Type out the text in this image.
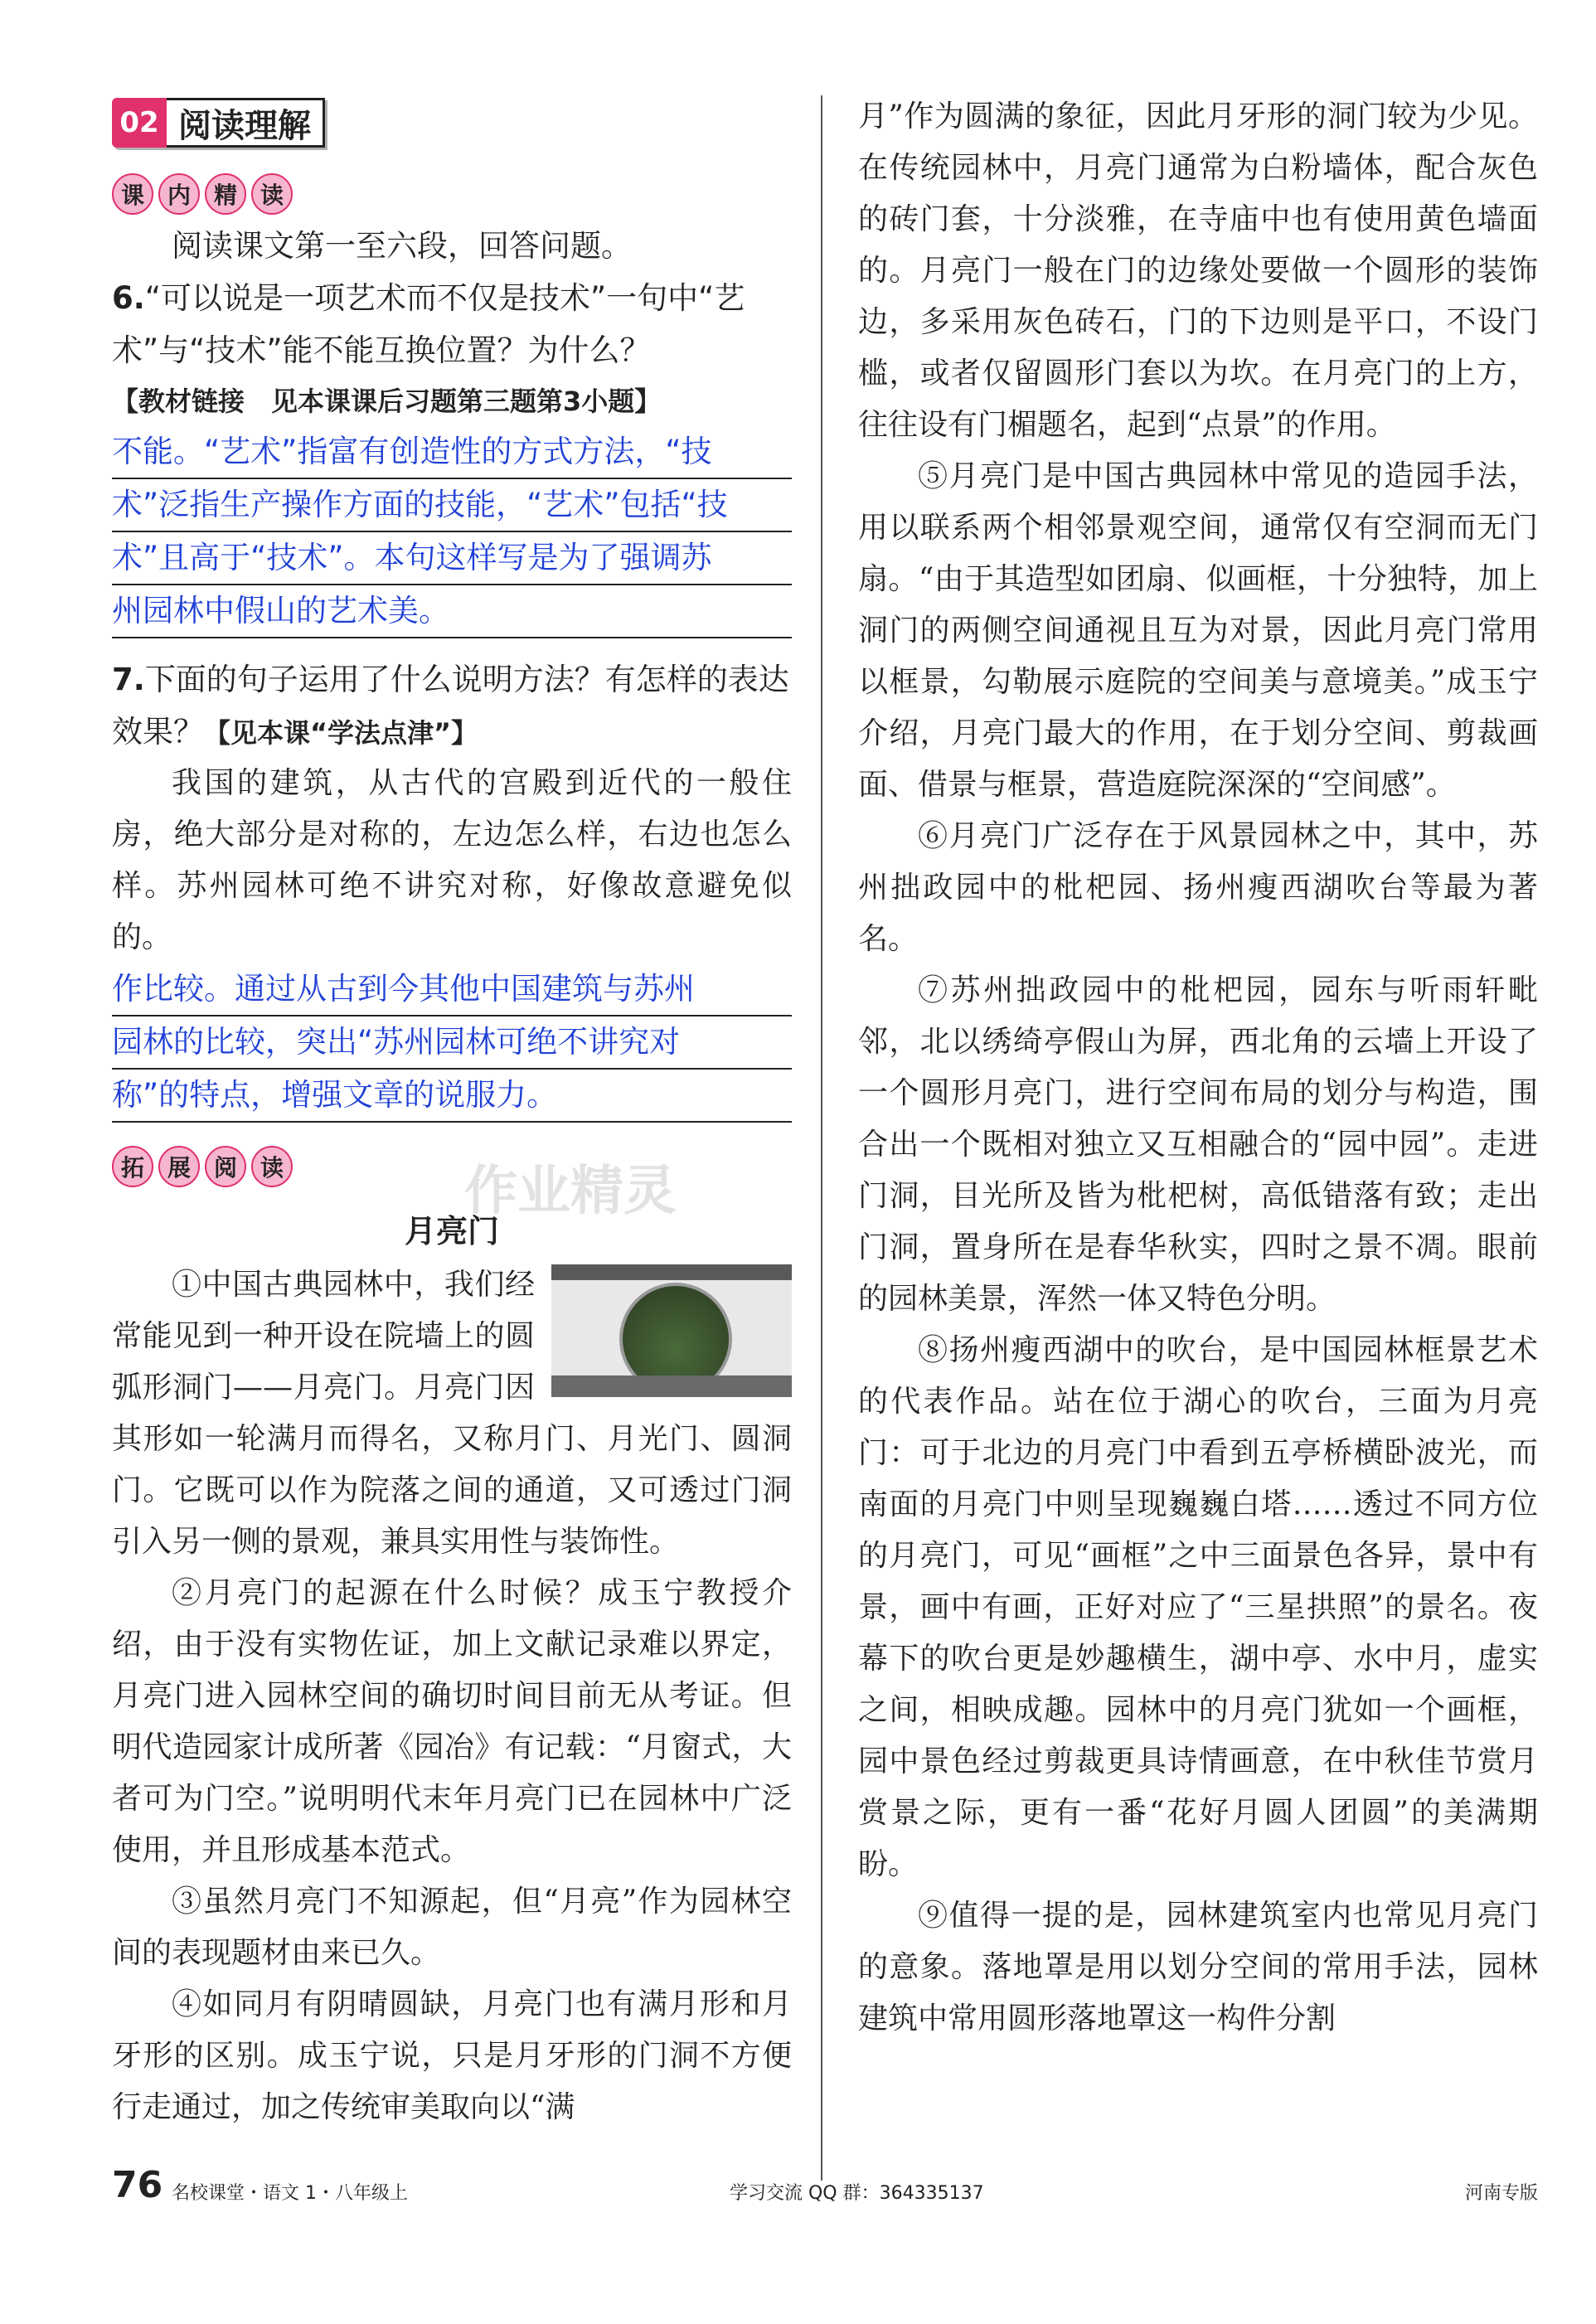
02 阅读理解
课 内 精 读

阅读课文第一至六段，回答问题。

6.“可以说是一项艺术而不仅是技术”一句中“艺术”与“技术”能不能互换位置？为什么？

【教材链接　见本课课后习题第三题第3小题】

不能。“艺术”指富有创造性的方式方法，“技
术”泛指生产操作方面的技能，“艺术”包括“技
术”且高于“技术”。本句这样写是为了强调苏
州园林中假山的艺术美。

7.下面的句子运用了什么说明方法？有怎样的表达效果？【见本课“学法点津”】

我国的建筑，从古代的宫殿到近代的一般住房，绝大部分是对称的，左边怎么样，右边也怎么样。苏州园林可绝不讲究对称，好像故意避免似的。

作比较。通过从古到今其他中国建筑与苏州
园林的比较，突出“苏州园林可绝不讲究对
称”的特点，增强文章的说服力。
拓 展 阅 读
月亮门

①中国古典园林中，我们经常能见到一种开设在院墙上的圆弧形洞门——月亮门。月亮门因其形如一轮满月而得名，又称月门、月光门、圆洞门。它既可以作为院落之间的通道，又可透过门洞引入另一侧的景观，兼具实用性与装饰性。

②月亮门的起源在什么时候？成玉宁教授介绍，由于没有实物佐证，加上文献记录难以界定，月亮门进入园林空间的确切时间目前无从考证。但明代造园家计成所著《园冶》有记载：“月窗式，大者可为门空。”说明明代末年月亮门已在园林中广泛使用，并且形成基本范式。

③虽然月亮门不知源起，但“月亮”作为园林空间的表现题材由来已久。

④如同月有阴晴圆缺，月亮门也有满月形和月牙形的区别。成玉宁说，只是月牙形的门洞不方便行走通过，加之传统审美取向以“满

月”作为圆满的象征，因此月牙形的洞门较为少见。在传统园林中，月亮门通常为白粉墙体，配合灰色的砖门套，十分淡雅，在寺庙中也有使用黄色墙面的。月亮门一般在门的边缘处要做一个圆形的装饰边，多采用灰色砖石，门的下边则是平口，不设门槛，或者仅留圆形门套以为坎。在月亮门的上方，往往设有门楣题名，起到“点景”的作用。

⑤月亮门是中国古典园林中常见的造园手法，用以联系两个相邻景观空间，通常仅有空洞而无门扇。“由于其造型如团扇、似画框，十分独特，加上洞门的两侧空间通视且互为对景，因此月亮门常用以框景，勾勒展示庭院的空间美与意境美。”成玉宁介绍，月亮门最大的作用，在于划分空间、剪裁画面、借景与框景，营造庭院深深的“空间感”。

⑥月亮门广泛存在于风景园林之中，其中，苏州拙政园中的枇杷园、扬州瘦西湖吹台等最为著名。

⑦苏州拙政园中的枇杷园，园东与听雨轩毗邻，北以绣绮亭假山为屏，西北角的云墙上开设了一个圆形月亮门，进行空间布局的划分与构造，围合出一个既相对独立又互相融合的“园中园”。走进门洞，目光所及皆为枇杷树，高低错落有致；走出门洞，置身所在是春华秋实，四时之景不凋。眼前的园林美景，浑然一体又特色分明。

⑧扬州瘦西湖中的吹台，是中国园林框景艺术的代表作品。站在位于湖心的吹台，三面为月亮门：可于北边的月亮门中看到五亭桥横卧波光，而南面的月亮门中则呈现巍巍白塔……透过不同方位的月亮门，可见“画框”之中三面景色各异，景中有景，画中有画，正好对应了“三星拱照”的景名。夜幕下的吹台更是妙趣横生，湖中亭、水中月，虚实之间，相映成趣。园林中的月亮门犹如一个画框，园中景色经过剪裁更具诗情画意，在中秋佳节赏月赏景之际，更有一番“花好月圆人团圆”的美满期盼。

⑨值得一提的是，园林建筑室内也常见月亮门的意象。落地罩是用以划分空间的常用手法，园林建筑中常用圆形落地罩这一构件分割

作业精灵
76 名校课堂・语文 1・八年级上	学习交流 QQ 群：364335137	河南专版
